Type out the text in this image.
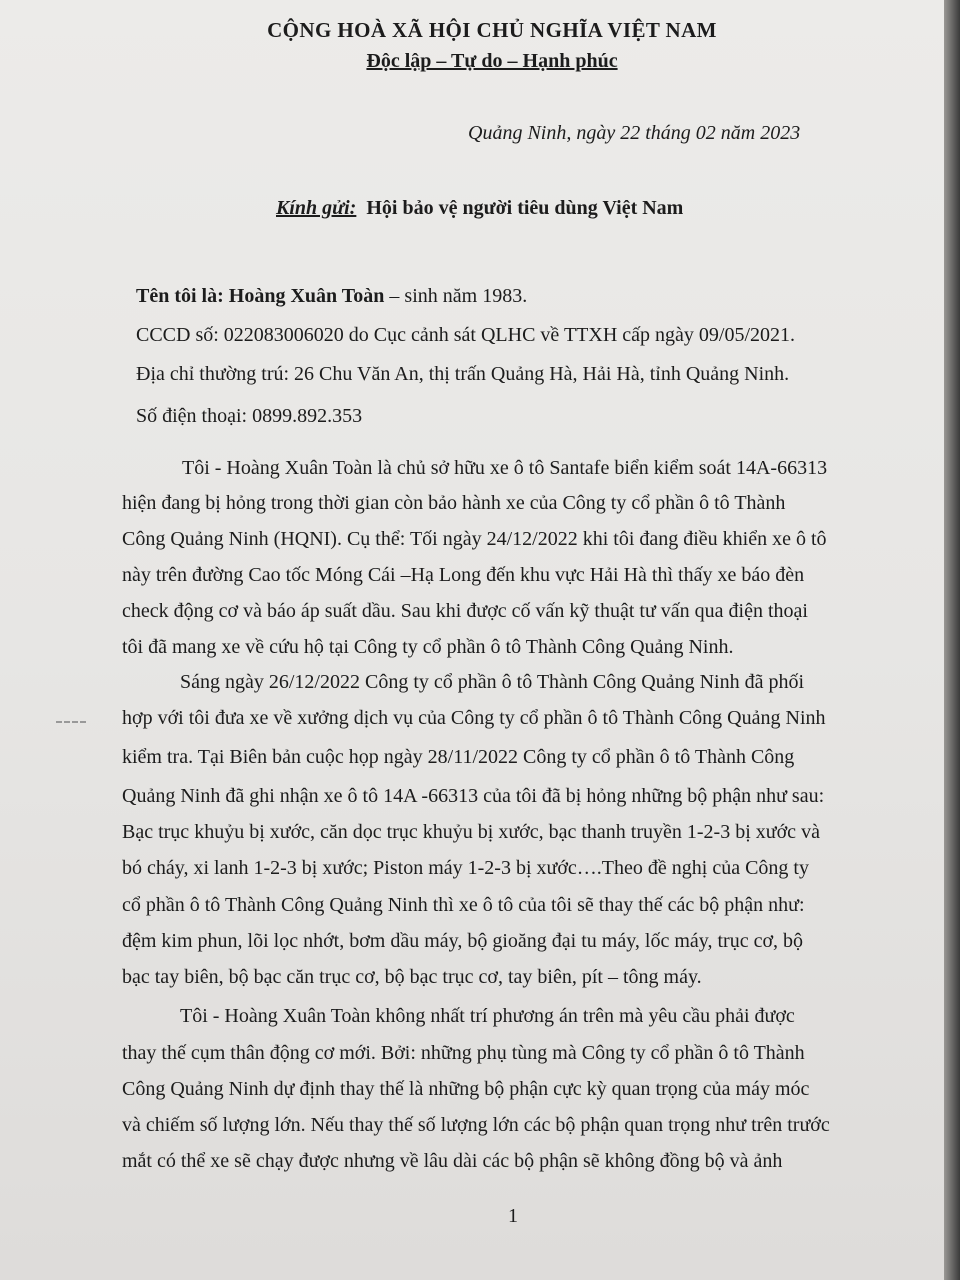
CỘNG HOÀ XÃ HỘI CHỦ NGHĨA VIỆT NAM
Độc lập – Tự do – Hạnh phúc
Quảng Ninh, ngày 22 tháng 02 năm 2023
Kính gửi: Hội bảo vệ người tiêu dùng Việt Nam
Tên tôi là: Hoàng Xuân Toàn – sinh năm 1983.
CCCD số: 022083006020 do Cục cảnh sát QLHC về TTXH cấp ngày 09/05/2021.
Địa chỉ thường trú: 26 Chu Văn An, thị trấn Quảng Hà, Hải Hà, tỉnh Quảng Ninh.
Số điện thoại: 0899.892.353
Tôi - Hoàng Xuân Toàn là chủ sở hữu xe ô tô Santafe biển kiểm soát 14A-66313
hiện đang bị hỏng trong thời gian còn bảo hành xe của Công ty cổ phần ô tô Thành
Công Quảng Ninh (HQNI). Cụ thể: Tối ngày 24/12/2022 khi tôi đang điều khiển xe ô tô
này trên đường Cao tốc Móng Cái –Hạ Long đến khu vực Hải Hà thì thấy xe báo đèn
check động cơ và báo áp suất dầu. Sau khi được cố vấn kỹ thuật tư vấn qua điện thoại
tôi đã mang xe về cứu hộ tại Công ty cổ phần ô tô Thành Công Quảng Ninh.
Sáng ngày 26/12/2022 Công ty cổ phần ô tô Thành Công Quảng Ninh đã phối
hợp với tôi đưa xe về xưởng dịch vụ của Công ty cổ phần ô tô Thành Công Quảng Ninh
kiểm tra. Tại Biên bản cuộc họp ngày 28/11/2022 Công ty cổ phần ô tô Thành Công
Quảng Ninh đã ghi nhận xe ô tô 14A -66313 của tôi đã bị hỏng những bộ phận như sau:
Bạc trục khuỷu bị xước, căn dọc trục khuỷu bị xước, bạc thanh truyền 1-2-3 bị xước và
bó cháy, xi lanh 1-2-3 bị xước; Piston máy 1-2-3 bị xước….Theo đề nghị của Công ty
cổ phần ô tô Thành Công Quảng Ninh thì xe ô tô của tôi sẽ thay thế các bộ phận như:
đệm kim phun, lõi lọc nhớt, bơm dầu máy, bộ gioăng đại tu máy, lốc máy, trục cơ, bộ
bạc tay biên, bộ bạc căn trục cơ, bộ bạc trục cơ, tay biên, pít – tông máy.
Tôi - Hoàng Xuân Toàn không nhất trí phương án trên mà yêu cầu phải được
thay thế cụm thân động cơ mới. Bởi: những phụ tùng mà Công ty cổ phần ô tô Thành
Công Quảng Ninh dự định thay thế là những bộ phận cực kỳ quan trọng của máy móc
và chiếm số lượng lớn. Nếu thay thế số lượng lớn các bộ phận quan trọng như trên trước
mắt có thể xe sẽ chạy được nhưng về lâu dài các bộ phận sẽ không đồng bộ và ảnh
1
